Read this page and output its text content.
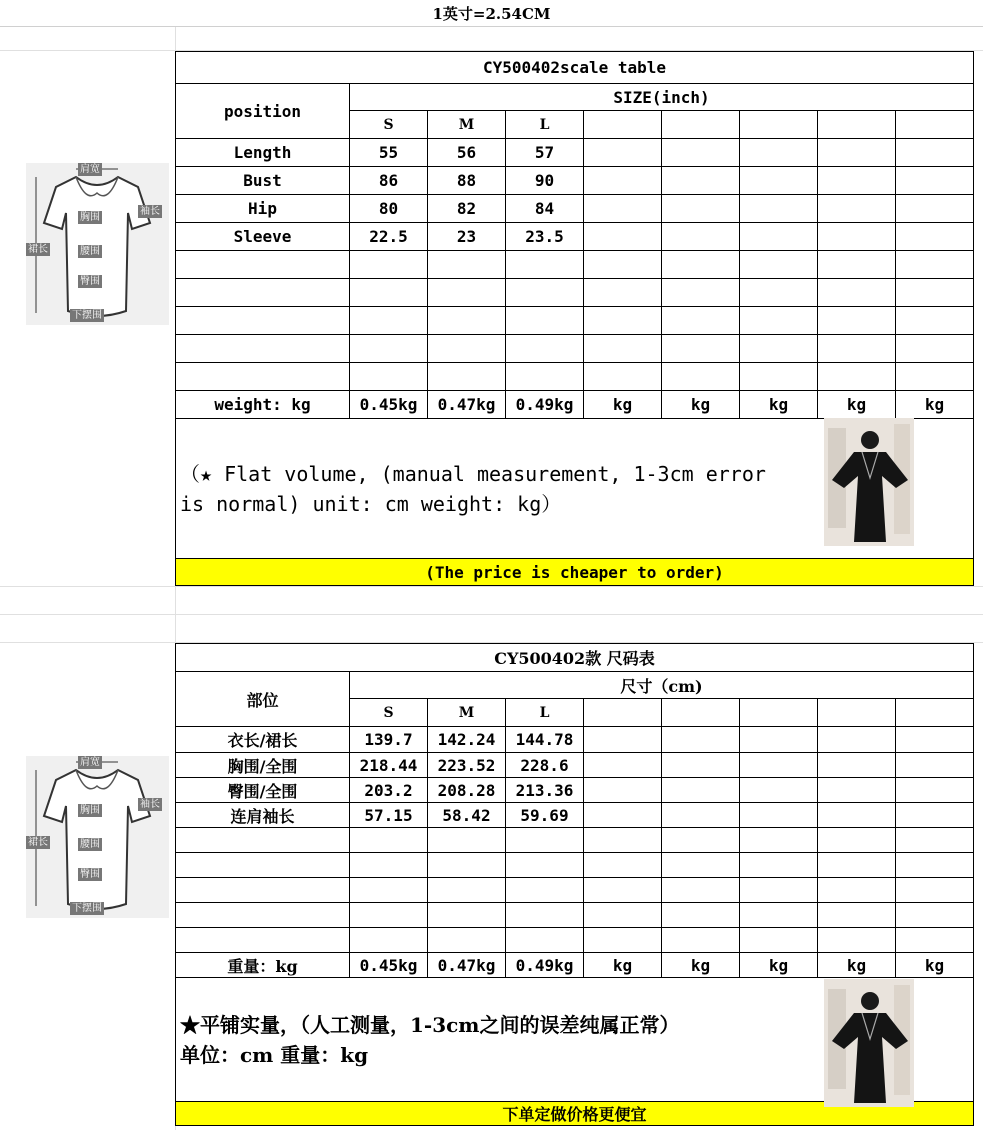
1英寸=2.54CM
肩宽
袖长
胸围
裙长	腰围
臀围
下摆围
CY500402scale table								
position	SIZE(inch)							
	S	M	L					
Length	55	56	57					
Bust	86	88	90					
Hip	80	82	84					
Sleeve	22.5	23	23.5					

weight: kg	0.45kg	0.47kg	0.49kg	kg	kg	kg	kg	kg

（★ Flat volume, (manual measurement, 1-3cm error is normal) unit: cm weight: kg）								

(The price is cheaper to order)								
肩宽
袖长
胸围
裙长	腰围
臀围
下摆围
CY500402款 尺码表								
部位	尺寸（cm)							
	S	M	L					
衣长/裙长	139.7	142.24	144.78					
胸围/全围	218.44	223.52	228.6					
臀围/全围	203.2	208.28	213.36					
连肩袖长	57.15	58.42	59.69					

重量：kg	0.45kg	0.47kg	0.49kg	kg	kg	kg	kg	kg

★平铺实量，（人工测量，1-3cm之间的误差纯属正常）
单位：cm 重量：kg								

下单定做价格更便宜								
